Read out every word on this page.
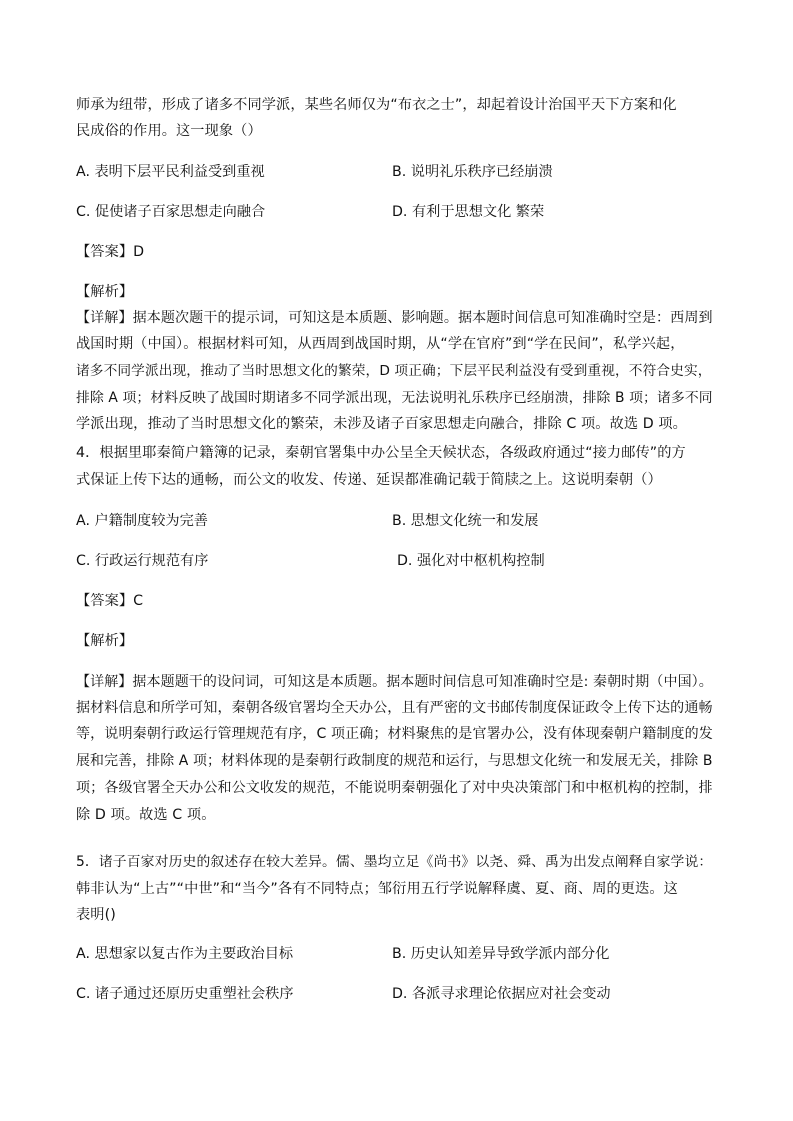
师承为纽带，形成了诸多不同学派，某些名师仅为“布衣之士”，却起着设计治国平天下方案和化
民成俗的作用。这一现象（）
A. 表明下层平民利益受到重视	B. 说明礼乐秩序已经崩溃
C. 促使诸子百家思想走向融合	D. 有利于思想文化 繁荣
【答案】D
【解析】
【详解】据本题次题干的提示词，可知这是本质题、影响题。据本题时间信息可知准确时空是：西周到
战国时期（中国）。根据材料可知，从西周到战国时期，从“学在官府”到“学在民间”，私学兴起，
诸多不同学派出现，推动了当时思想文化的繁荣，D 项正确；下层平民利益没有受到重视，不符合史实，
排除 A 项；材料反映了战国时期诸多不同学派出现，无法说明礼乐秩序已经崩溃，排除 B 项；诸多不同
学派出现，推动了当时思想文化的繁荣，未涉及诸子百家思想走向融合，排除 C 项。故选 D 项。
4．根据里耶秦简户籍簿的记录，秦朝官署集中办公呈全天候状态，各级政府通过“接力邮传”的方
式保证上传下达的通畅，而公文的收发、传递、延误都准确记载于简牍之上。这说明秦朝（）
A. 户籍制度较为完善	B. 思想文化统一和发展
C. 行政运行规范有序	D. 强化对中枢机构控制
【答案】C
【解析】
【详解】据本题题干的设问词，可知这是本质题。据本题时间信息可知准确时空是: 秦朝时期（中国）。
据材料信息和所学可知，秦朝各级官署均全天办公，且有严密的文书邮传制度保证政令上传下达的通畅
等，说明秦朝行政运行管理规范有序，C 项正确；材料聚焦的是官署办公，没有体现秦朝户籍制度的发
展和完善，排除 A 项；材料体现的是秦朝行政制度的规范和运行，与思想文化统一和发展无关，排除 B
项；各级官署全天办公和公文收发的规范，不能说明秦朝强化了对中央决策部门和中枢机构的控制，排
除 D 项。故选 C 项。
5．诸子百家对历史的叙述存在较大差异。儒、墨均立足《尚书》以尧、舜、禹为出发点阐释自家学说：
韩非认为“上古”“中世”和“当今”各有不同特点；邹衍用五行学说解释虞、夏、商、周的更迭。这
表明()
A. 思想家以复古作为主要政治目标	B. 历史认知差异导致学派内部分化
C. 诸子通过还原历史重塑社会秩序	D. 各派寻求理论依据应对社会变动
